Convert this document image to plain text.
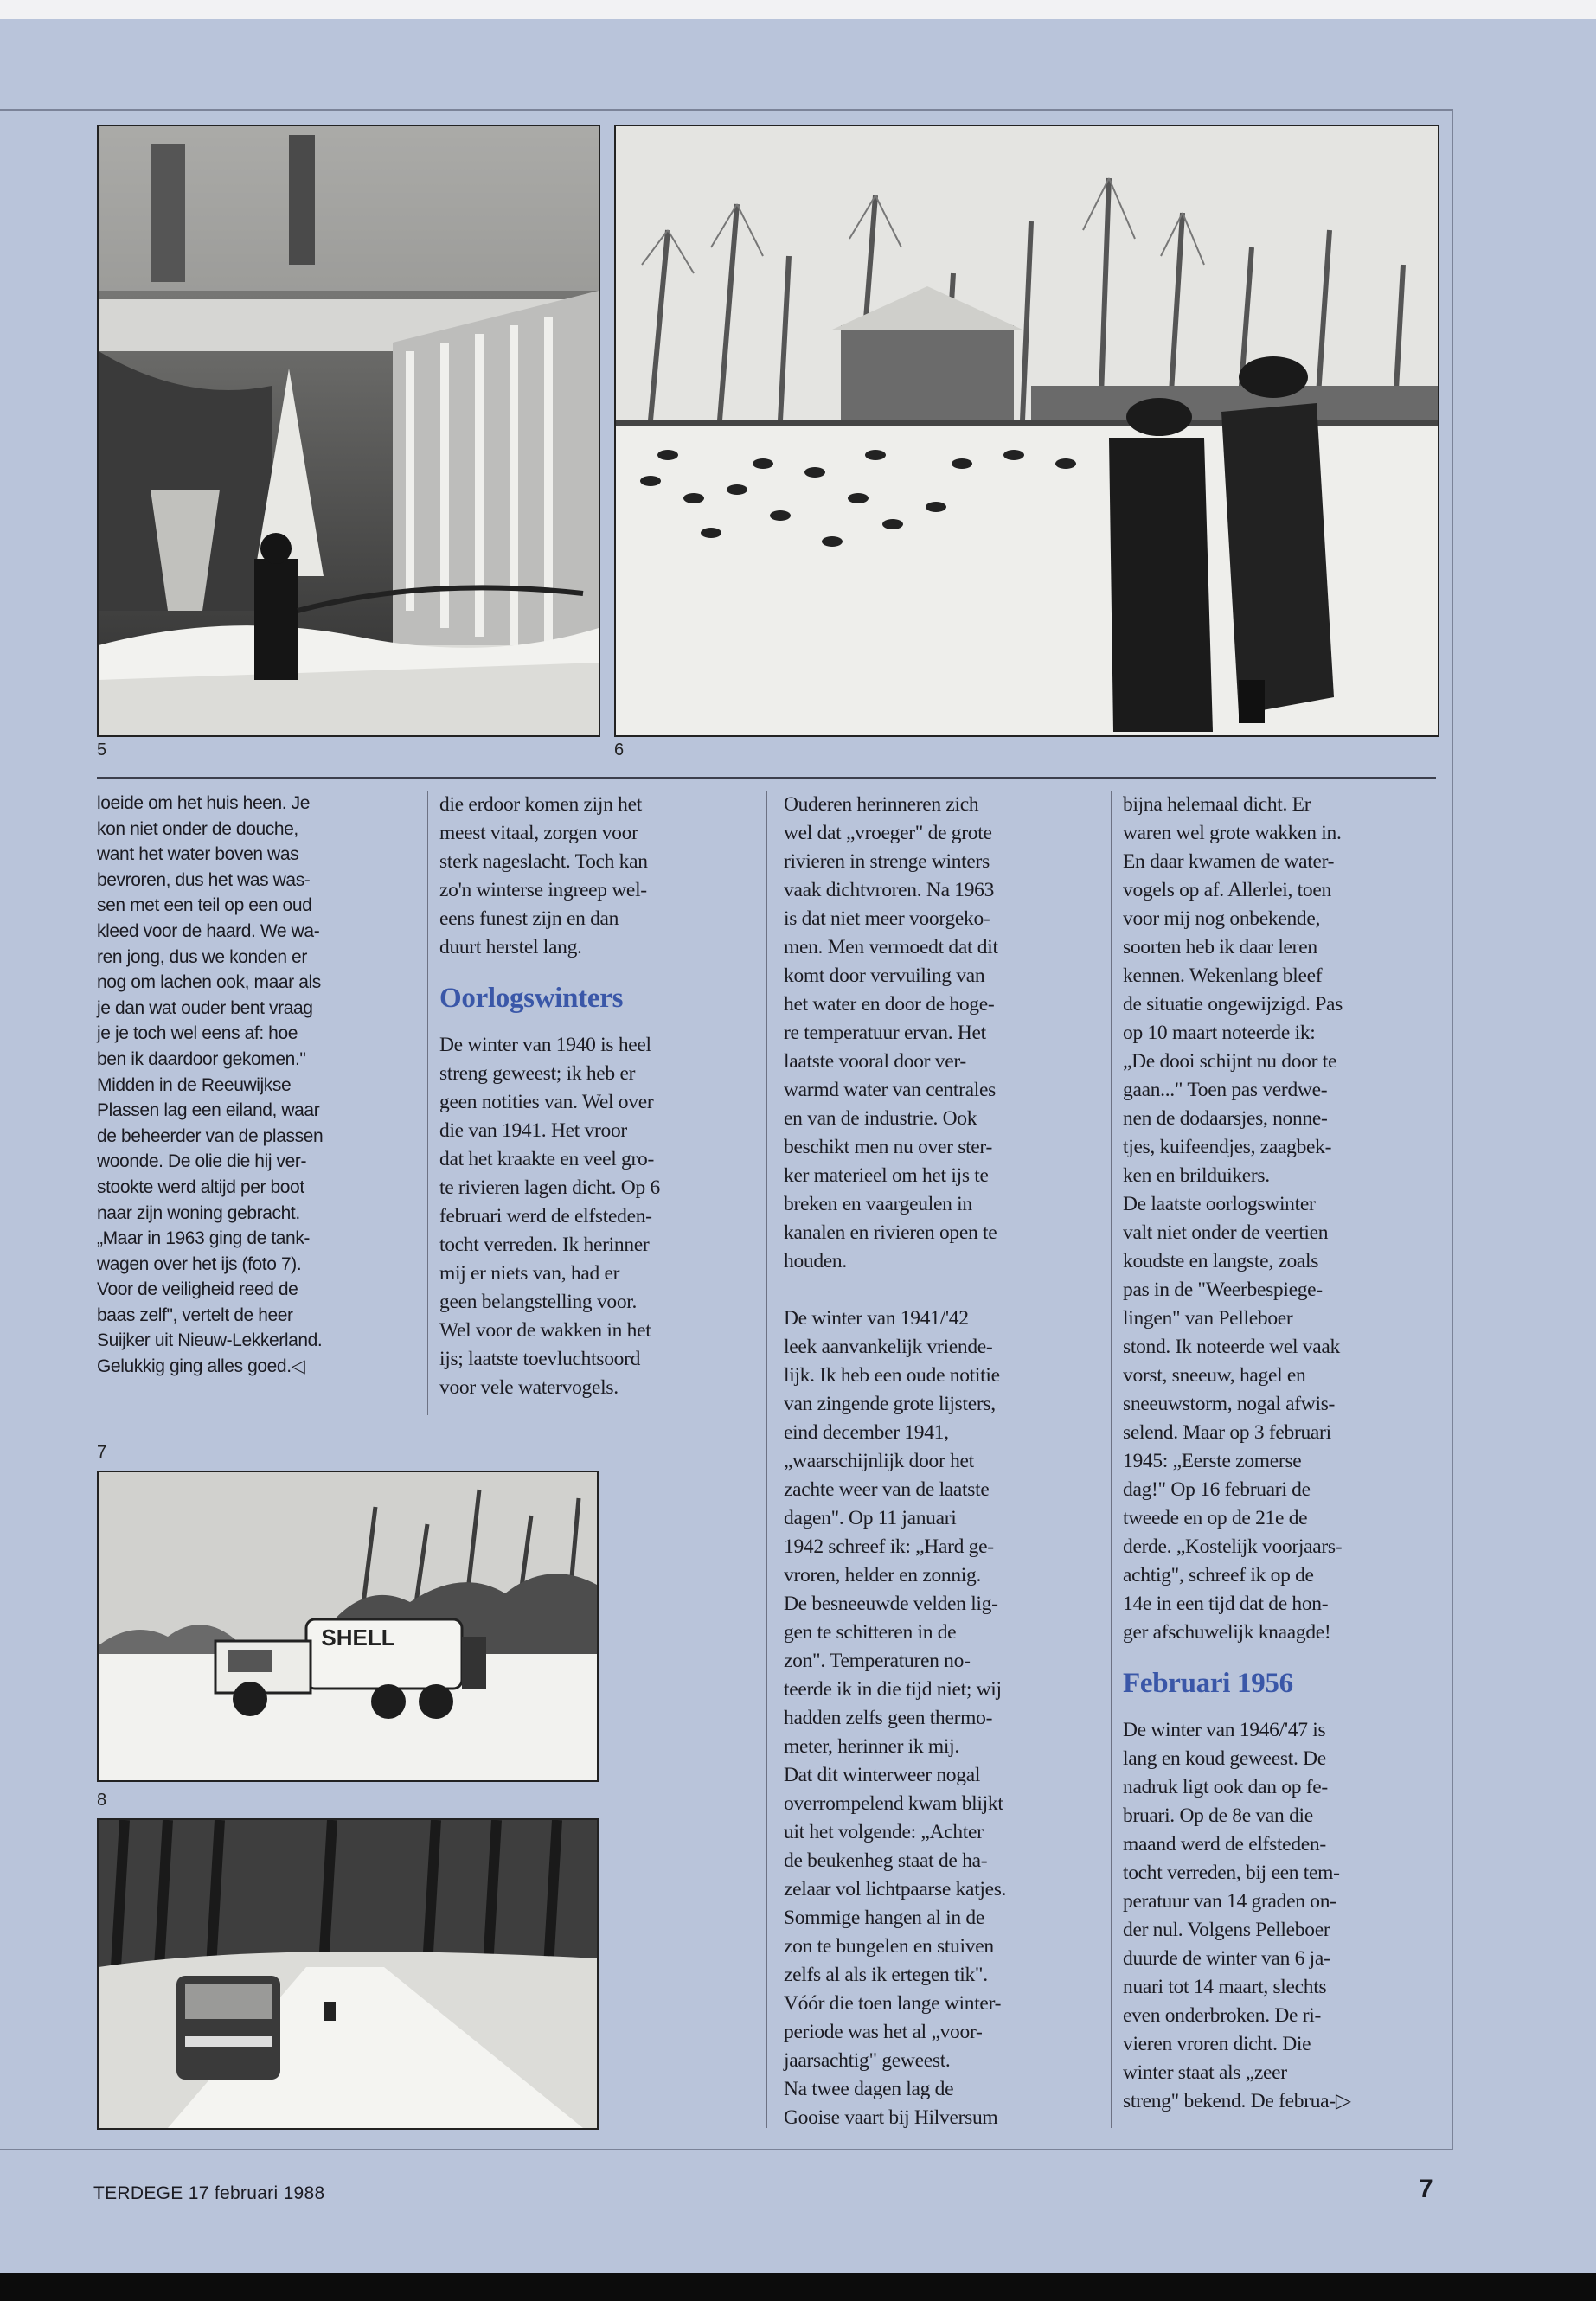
5	6

loeide om het huis heen. Je
kon niet onder de douche,
want het water boven was
bevroren, dus het was was-
sen met een teil op een oud
kleed voor de haard. We wa-
ren jong, dus we konden er
nog om lachen ook, maar als
je dan wat ouder bent vraag
je je toch wel eens af: hoe
ben ik daardoor gekomen."
Midden in de Reeuwijkse
Plassen lag een eiland, waar
de beheerder van de plassen
woonde. De olie die hij ver-
stookte werd altijd per boot
naar zijn woning gebracht.
„Maar in 1963 ging de tank-
wagen over het ijs (foto 7).
Voor de veiligheid reed de
baas zelf", vertelt de heer
Suijker uit Nieuw-Lekkerland.
Gelukkig ging alles goed.◁

die erdoor komen zijn het
meest vitaal, zorgen voor
sterk nageslacht. Toch kan
zo'n winterse ingreep wel-
eens funest zijn en dan
duurt herstel lang.

Oorlogswinters

De winter van 1940 is heel
streng geweest; ik heb er
geen notities van. Wel over
die van 1941. Het vroor
dat het kraakte en veel gro-
te rivieren lagen dicht. Op 6
februari werd de elfsteden-
tocht verreden. Ik herinner
mij er niets van, had er
geen belangstelling voor.
Wel voor de wakken in het
ijs; laatste toevluchtsoord
voor vele watervogels.

7
SHELL
8

Ouderen herinneren zich
wel dat „vroeger" de grote
rivieren in strenge winters
vaak dichtvroren. Na 1963
is dat niet meer voorgeko-
men. Men vermoedt dat dit
komt door vervuiling van
het water en door de hoge-
re temperatuur ervan. Het
laatste vooral door ver-
warmd water van centrales
en van de industrie. Ook
beschikt men nu over ster-
ker materieel om het ijs te
breken en vaargeulen in
kanalen en rivieren open te
houden.

De winter van 1941/'42
leek aanvankelijk vriende-
lijk. Ik heb een oude notitie
van zingende grote lijsters,
eind december 1941,
„waarschijnlijk door het
zachte weer van de laatste
dagen". Op 11 januari
1942 schreef ik: „Hard ge-
vroren, helder en zonnig.
De besneeuwde velden lig-
gen te schitteren in de
zon". Temperaturen no-
teerde ik in die tijd niet; wij
hadden zelfs geen thermo-
meter, herinner ik mij.
Dat dit winterweer nogal
overrompelend kwam blijkt
uit het volgende: „Achter
de beukenheg staat de ha-
zelaar vol lichtpaarse katjes.
Sommige hangen al in de
zon te bungelen en stuiven
zelfs al als ik ertegen tik".
Vóór die toen lange winter-
periode was het al „voor-
jaarsachtig" geweest.
Na twee dagen lag de
Gooise vaart bij Hilversum

bijna helemaal dicht. Er
waren wel grote wakken in.
En daar kwamen de water-
vogels op af. Allerlei, toen
voor mij nog onbekende,
soorten heb ik daar leren
kennen. Wekenlang bleef
de situatie ongewijzigd. Pas
op 10 maart noteerde ik:
„De dooi schijnt nu door te
gaan..." Toen pas verdwe-
nen de dodaarsjes, nonne-
tjes, kuifeendjes, zaagbek-
ken en brilduikers.
De laatste oorlogswinter
valt niet onder de veertien
koudste en langste, zoals
pas in de "Weerbespiege-
lingen" van Pelleboer
stond. Ik noteerde wel vaak
vorst, sneeuw, hagel en
sneeuwstorm, nogal afwis-
selend. Maar op 3 februari
1945: „Eerste zomerse
dag!" Op 16 februari de
tweede en op de 21e de
derde. „Kostelijk voorjaars-
achtig", schreef ik op de
14e in een tijd dat de hon-
ger afschuwelijk knaagde!

Februari 1956

De winter van 1946/'47 is
lang en koud geweest. De
nadruk ligt ook dan op fe-
bruari. Op de 8e van die
maand werd de elfsteden-
tocht verreden, bij een tem-
peratuur van 14 graden on-
der nul. Volgens Pelleboer
duurde de winter van 6 ja-
nuari tot 14 maart, slechts
even onderbroken. De ri-
vieren vroren dicht. Die
winter staat als „zeer
streng" bekend. De februa-▷

TERDEGE 17 februari 1988	7
